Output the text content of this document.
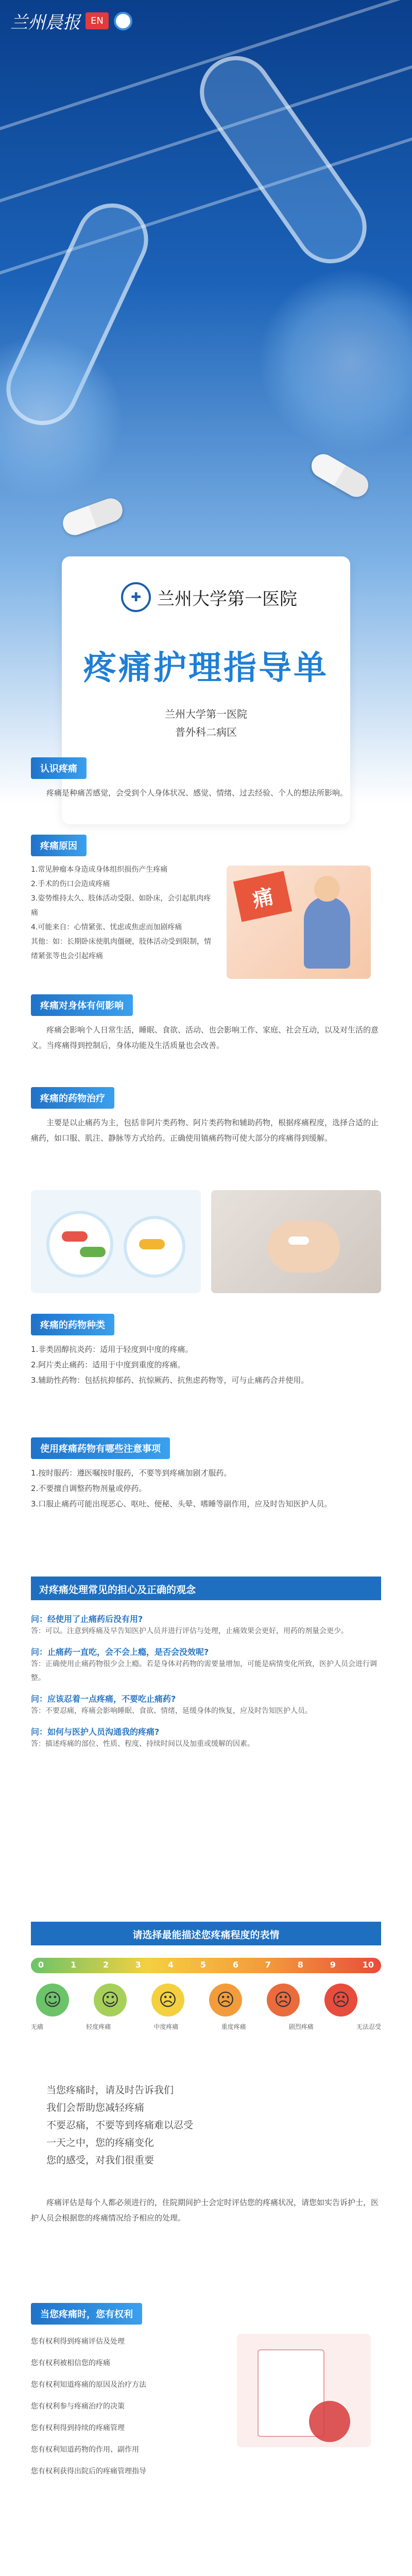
兰州晨报	EN
✚ 兰州大学第一医院
疼痛护理指导单
兰州大学第一医院
普外科二病区
认识疼痛

疼痛是种痛苦感觉，会受到个人身体状况、感觉、情绪、过去经验、个人的想法所影响。

疼痛原因

1.常见肿瘤本身造成身体组织损伤产生疼痛

2.手术的伤口会造成疼痛

3.姿势维持太久、肢体活动受限、如卧床，会引起肌肉疼痛

4.可能来自：心情紧张、忧虑或焦虑而加剧疼痛

其他：如：长期卧床使肌肉僵硬，肢体活动受到限制，情绪紧张等也会引起疼痛

痛
疼痛对身体有何影响

疼痛会影响个人日常生活，睡眠、食欲、活动、也会影响工作、家庭、社会互动，以及对生活的意义。当疼痛得到控制后，身体功能及生活质量也会改善。

疼痛的药物治疗

主要是以止痛药为主，包括非阿片类药物、阿片类药物和辅助药物，根据疼痛程度，选择合适的止痛药，如口服、肌注、静脉等方式给药。正确使用镇痛药物可使大部分的疼痛得到缓解。

疼痛的药物种类

1.非类固醇抗炎药：适用于轻度到中度的疼痛。

2.阿片类止痛药：适用于中度到重度的疼痛。

3.辅助性药物：包括抗抑郁药、抗惊厥药、抗焦虑药物等，可与止痛药合并使用。

使用疼痛药物有哪些注意事项

1.按时服药：遵医嘱按时服药，不要等到疼痛加剧才服药。

2.不要擅自调整药物剂量或停药。

3.口服止痛药可能出现恶心、呕吐、便秘、头晕、嗜睡等副作用，应及时告知医护人员。

对疼痛处理常见的担心及正确的观念

问：经使用了止痛药后没有用?

答：可以。注意到疼痛及早告知医护人员并进行评估与处理，止痛效果会更好，用药的剂量会更少。

问：止痛药一直吃，会不会上瘾，是否会没效呢?

答：正确使用止痛药物很少会上瘾。若是身体对药物的需要量增加，可能是病情变化所致，医护人员会进行调整。

问：应该忍着一点疼痛，不要吃止痛药?

答：不要忍痛，疼痛会影响睡眠、食欲、情绪，延缓身体的恢复，应及时告知医护人员。

问：如何与医护人员沟通我的疼痛?

答：描述疼痛的部位、性质、程度、持续时间以及加重或缓解的因素。

请选择最能描述您疼痛程度的表情
0	1	2	3	4	5	6	7	8	9	10
☺	☺	☹	☹	☹	☹
无痛	轻度疼痛	中度疼痛	重度疼痛	剧烈疼痛	无法忍受

当您疼痛时，请及时告诉我们

我们会帮助您减轻疼痛

不要忍痛，不要等到疼痛难以忍受

一天之中，您的疼痛变化

您的感受，对我们很重要

疼痛评估是每个人都必须进行的，住院期间护士会定时评估您的疼痛状况，请您如实告诉护士，医护人员会根据您的疼痛情况给予相应的处理。

当您疼痛时，您有权利

您有权利得到疼痛评估及处理

您有权利被相信您的疼痛

您有权利知道疼痛的原因及治疗方法

您有权利参与疼痛治疗的决策

您有权利得到持续的疼痛管理

您有权利知道药物的作用、副作用

您有权利获得出院后的疼痛管理指导
